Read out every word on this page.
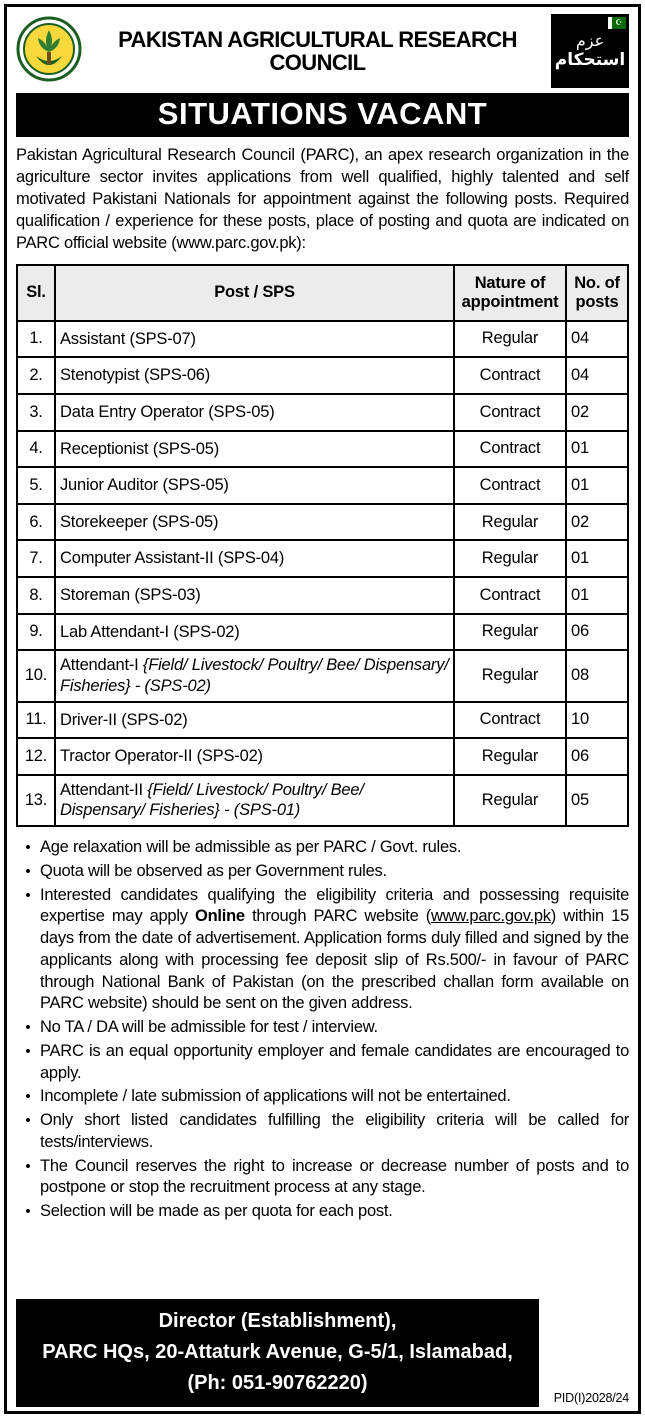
PAKISTAN AGRICULTURAL RESEARCH COUNCIL
☪
عزم
استحکام
SITUATIONS VACANT
Pakistan Agricultural Research Council (PARC), an apex research organization in the agriculture sector invites applications from well qualified, highly talented and self motivated Pakistani Nationals for appointment against the following posts. Required qualification / experience for these posts, place of posting and quota are indicated on PARC official website (www.parc.gov.pk):
Sl.	Post / SPS	Nature of appointment	No. of posts
1.	Assistant (SPS-07)	Regular	04
2.	Stenotypist (SPS-06)	Contract	04
3.	Data Entry Operator (SPS-05)	Contract	02
4.	Receptionist (SPS-05)	Contract	01
5.	Junior Auditor (SPS-05)	Contract	01
6.	Storekeeper (SPS-05)	Regular	02
7.	Computer Assistant-II (SPS-04)	Regular	01
8.	Storeman (SPS-03)	Contract	01
9.	Lab Attendant-I (SPS-02)	Regular	06
10.	Attendant-I {Field/ Livestock/ Poultry/ Bee/ Dispensary/ Fisheries} - (SPS-02)	Regular	08
11.	Driver-II (SPS-02)	Contract	10
12.	Tractor Operator-II (SPS-02)	Regular	06
13.	Attendant-II {Field/ Livestock/ Poultry/ Bee/ Dispensary/ Fisheries} - (SPS-01)	Regular	05
• Age relaxation will be admissible as per PARC / Govt. rules.
• Quota will be observed as per Government rules.
• Interested candidates qualifying the eligibility criteria and possessing requisite expertise may apply Online through PARC website (www.parc.gov.pk) within 15 days from the date of advertisement. Application forms duly filled and signed by the applicants along with processing fee deposit slip of Rs.500/- in favour of PARC through National Bank of Pakistan (on the prescribed challan form available on PARC website) should be sent on the given address.
• No TA / DA will be admissible for test / interview.
• PARC is an equal opportunity employer and female candidates are encouraged to apply.
• Incomplete / late submission of applications will not be entertained.
• Only short listed candidates fulfilling the eligibility criteria will be called for tests/interviews.
• The Council reserves the right to increase or decrease number of posts and to postpone or stop the recruitment process at any stage.
• Selection will be made as per quota for each post.
Director (Establishment),
PARC HQs, 20-Attaturk Avenue, G-5/1, Islamabad,
(Ph: 051-90762220)
PID(I)2028/24
